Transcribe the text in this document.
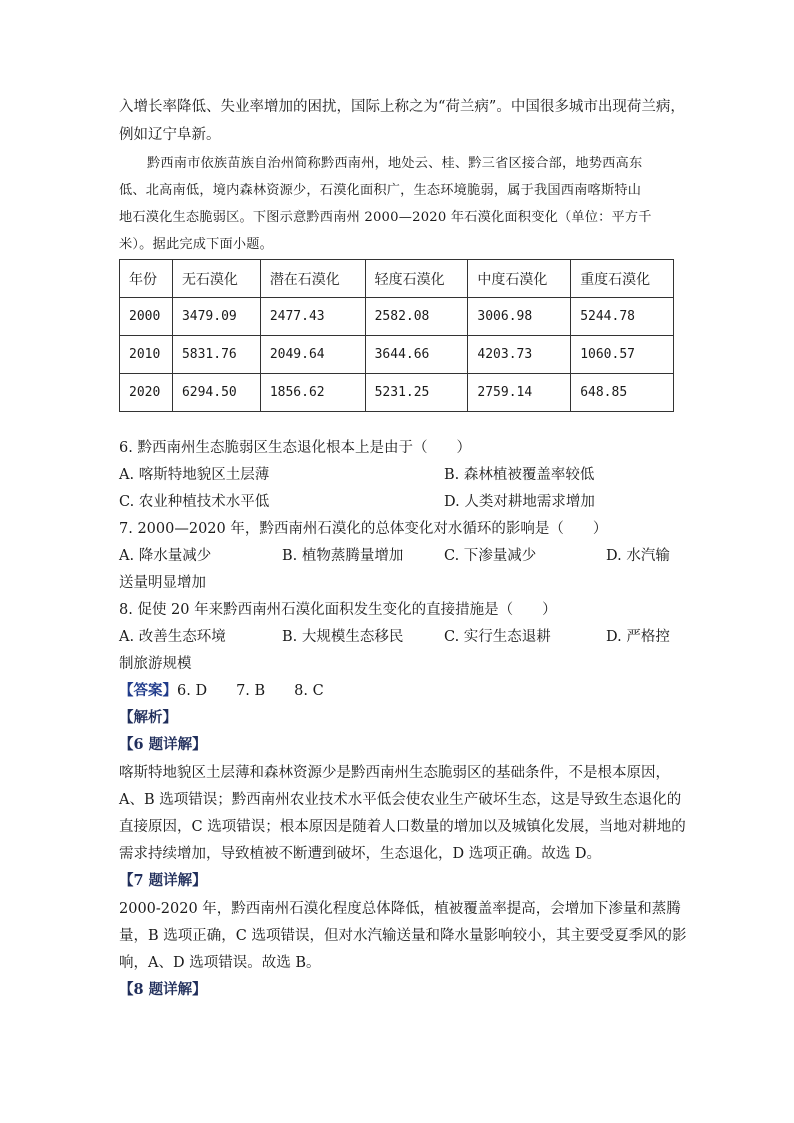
入增长率降低、失业率增加的困扰，国际上称之为“荷兰病”。中国很多城市出现荷兰病，
例如辽宁阜新。
黔西南市依族苗族自治州简称黔西南州，地处云、桂、黔三省区接合部，地势西高东
低、北高南低，境内森林资源少，石漠化面积广，生态环境脆弱，属于我国西南喀斯特山
地石漠化生态脆弱区。下图示意黔西南州 2000—2020 年石漠化面积变化（单位：平方千
米）。据此完成下面小题。
年份	无石漠化	潜在石漠化	轻度石漠化	中度石漠化	重度石漠化
2000	3479.09	2477.43	2582.08	3006.98	5244.78
2010	5831.76	2049.64	3644.66	4203.73	1060.57
2020	6294.50	1856.62	5231.25	2759.14	648.85
6. 黔西南州生态脆弱区生态退化根本上是由于（　　）
A. 喀斯特地貌区土层薄	B. 森林植被覆盖率较低
C. 农业种植技术水平低	D. 人类对耕地需求增加
7. 2000—2020 年，黔西南州石漠化的总体变化对水循环的影响是（　　）
A. 降水量减少	B. 植物蒸腾量增加	C. 下渗量减少	D. 水汽输
送量明显增加
8. 促使 20 年来黔西南州石漠化面积发生变化的直接措施是（　　）
A. 改善生态环境	B. 大规模生态移民	C. 实行生态退耕	D. 严格控
制旅游规模
【答案】6. D　　7. B　　8. C
【解析】
【6 题详解】
喀斯特地貌区土层薄和森林资源少是黔西南州生态脆弱区的基础条件，不是根本原因，
A、B 选项错误；黔西南州农业技术水平低会使农业生产破坏生态，这是导致生态退化的
直接原因，C 选项错误；根本原因是随着人口数量的增加以及城镇化发展，当地对耕地的
需求持续增加，导致植被不断遭到破坏，生态退化，D 选项正确。故选 D。
【7 题详解】
2000-2020 年，黔西南州石漠化程度总体降低，植被覆盖率提高，会增加下渗量和蒸腾
量，B 选项正确，C 选项错误，但对水汽输送量和降水量影响较小，其主要受夏季风的影
响，A、D 选项错误。故选 B。
【8 题详解】
